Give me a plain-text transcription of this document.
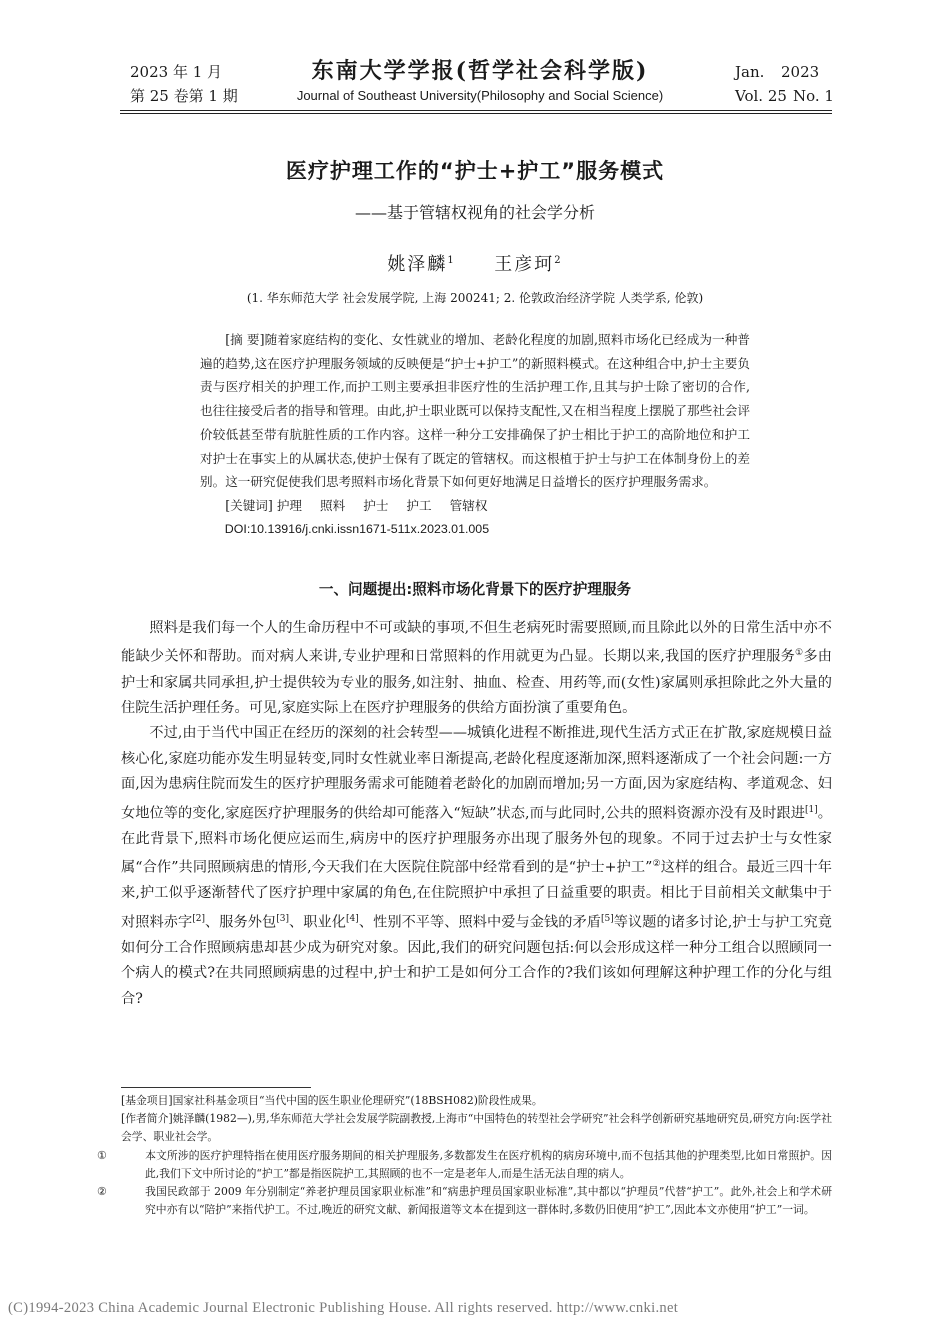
2023 年 1 月
第 25 卷第 1 期
东南大学学报(哲学社会科学版)
Journal of Southeast University(Philosophy and Social Science)
Jan. 2023
Vol. 25 No. 1
医疗护理工作的“护士+护工”服务模式
——基于管辖权视角的社会学分析
姚泽麟$^1$ 王彦珂$^2$
(1. 华东师范大学 社会发展学院, 上海 200241; 2. 伦敦政治经济学院 人类学系, 伦敦)

[摘 要]随着家庭结构的变化、女性就业的增加、老龄化程度的加剧,照料市场化已经成为一种普遍的趋势,这在医疗护理服务领域的反映便是“护士+护工”的新照料模式。在这种组合中,护士主要负责与医疗相关的护理工作,而护工则主要承担非医疗性的生活护理工作,且其与护士除了密切的合作,也往往接受后者的指导和管理。由此,护士职业既可以保持支配性,又在相当程度上摆脱了那些社会评价较低甚至带有肮脏性质的工作内容。这样一种分工安排确保了护士相比于护工的高阶地位和护工对护士在事实上的从属状态,使护士保有了既定的管辖权。而这根植于护士与护工在体制身份上的差别。这一研究促使我们思考照料市场化背景下如何更好地满足日益增长的医疗护理服务需求。

[关键词] 护理 照料 护士 护工 管辖权

DOI:10.13916/j.cnki.issn1671-511x.2023.01.005

一、问题提出:照料市场化背景下的医疗护理服务

照料是我们每一个人的生命历程中不可或缺的事项,不但生老病死时需要照顾,而且除此以外的日常生活中亦不能缺少关怀和帮助。而对病人来讲,专业护理和日常照料的作用就更为凸显。长期以来,我国的医疗护理服务①多由护士和家属共同承担,护士提供较为专业的服务,如注射、抽血、检查、用药等,而(女性)家属则承担除此之外大量的住院生活护理任务。可见,家庭实际上在医疗护理服务的供给方面扮演了重要角色。

不过,由于当代中国正在经历的深刻的社会转型——城镇化进程不断推进,现代生活方式正在扩散,家庭规模日益核心化,家庭功能亦发生明显转变,同时女性就业率日渐提高,老龄化程度逐渐加深,照料逐渐成了一个社会问题:一方面,因为患病住院而发生的医疗护理服务需求可能随着老龄化的加剧而增加;另一方面,因为家庭结构、孝道观念、妇女地位等的变化,家庭医疗护理服务的供给却可能落入“短缺”状态,而与此同时,公共的照料资源亦没有及时跟进[1]。在此背景下,照料市场化便应运而生,病房中的医疗护理服务亦出现了服务外包的现象。不同于过去护士与女性家属“合作”共同照顾病患的情形,今天我们在大医院住院部中经常看到的是“护士+护工”②这样的组合。最近三四十年来,护工似乎逐渐替代了医疗护理中家属的角色,在住院照护中承担了日益重要的职责。相比于目前相关文献集中于对照料赤字[2]、服务外包[3]、职业化[4]、性别不平等、照料中爱与金钱的矛盾[5]等议题的诸多讨论,护士与护工究竟如何分工合作照顾病患却甚少成为研究对象。因此,我们的研究问题包括:何以会形成这样一种分工组合以照顾同一个病人的模式?在共同照顾病患的过程中,护士和护工是如何分工合作的?我们该如何理解这种护理工作的分化与组合?

[基金项目]国家社科基金项目“当代中国的医生职业伦理研究”(18BSH082)阶段性成果。

[作者简介]姚泽麟(1982—),男,华东师范大学社会发展学院副教授,上海市“中国特色的转型社会学研究”社会科学创新研究基地研究员,研究方向:医学社会学、职业社会学。

①	本文所涉的医疗护理特指在使用医疗服务期间的相关护理服务,多数都发生在医疗机构的病房环境中,而不包括其他的护理类型,比如日常照护。因此,我们下文中所讨论的“护工”都是指医院护工,其照顾的也不一定是老年人,而是生活无法自理的病人。

②	我国民政部于 2009 年分别制定“养老护理员国家职业标准”和“病患护理员国家职业标准”,其中都以“护理员”代替“护工”。此外,社会上和学术研究中亦有以“陪护”来指代护工。不过,晚近的研究文献、新闻报道等文本在提到这一群体时,多数仍旧使用“护工”,因此本文亦使用“护工”一词。

(C)1994-2023 China Academic Journal Electronic Publishing House. All rights reserved. http://www.cnki.net
